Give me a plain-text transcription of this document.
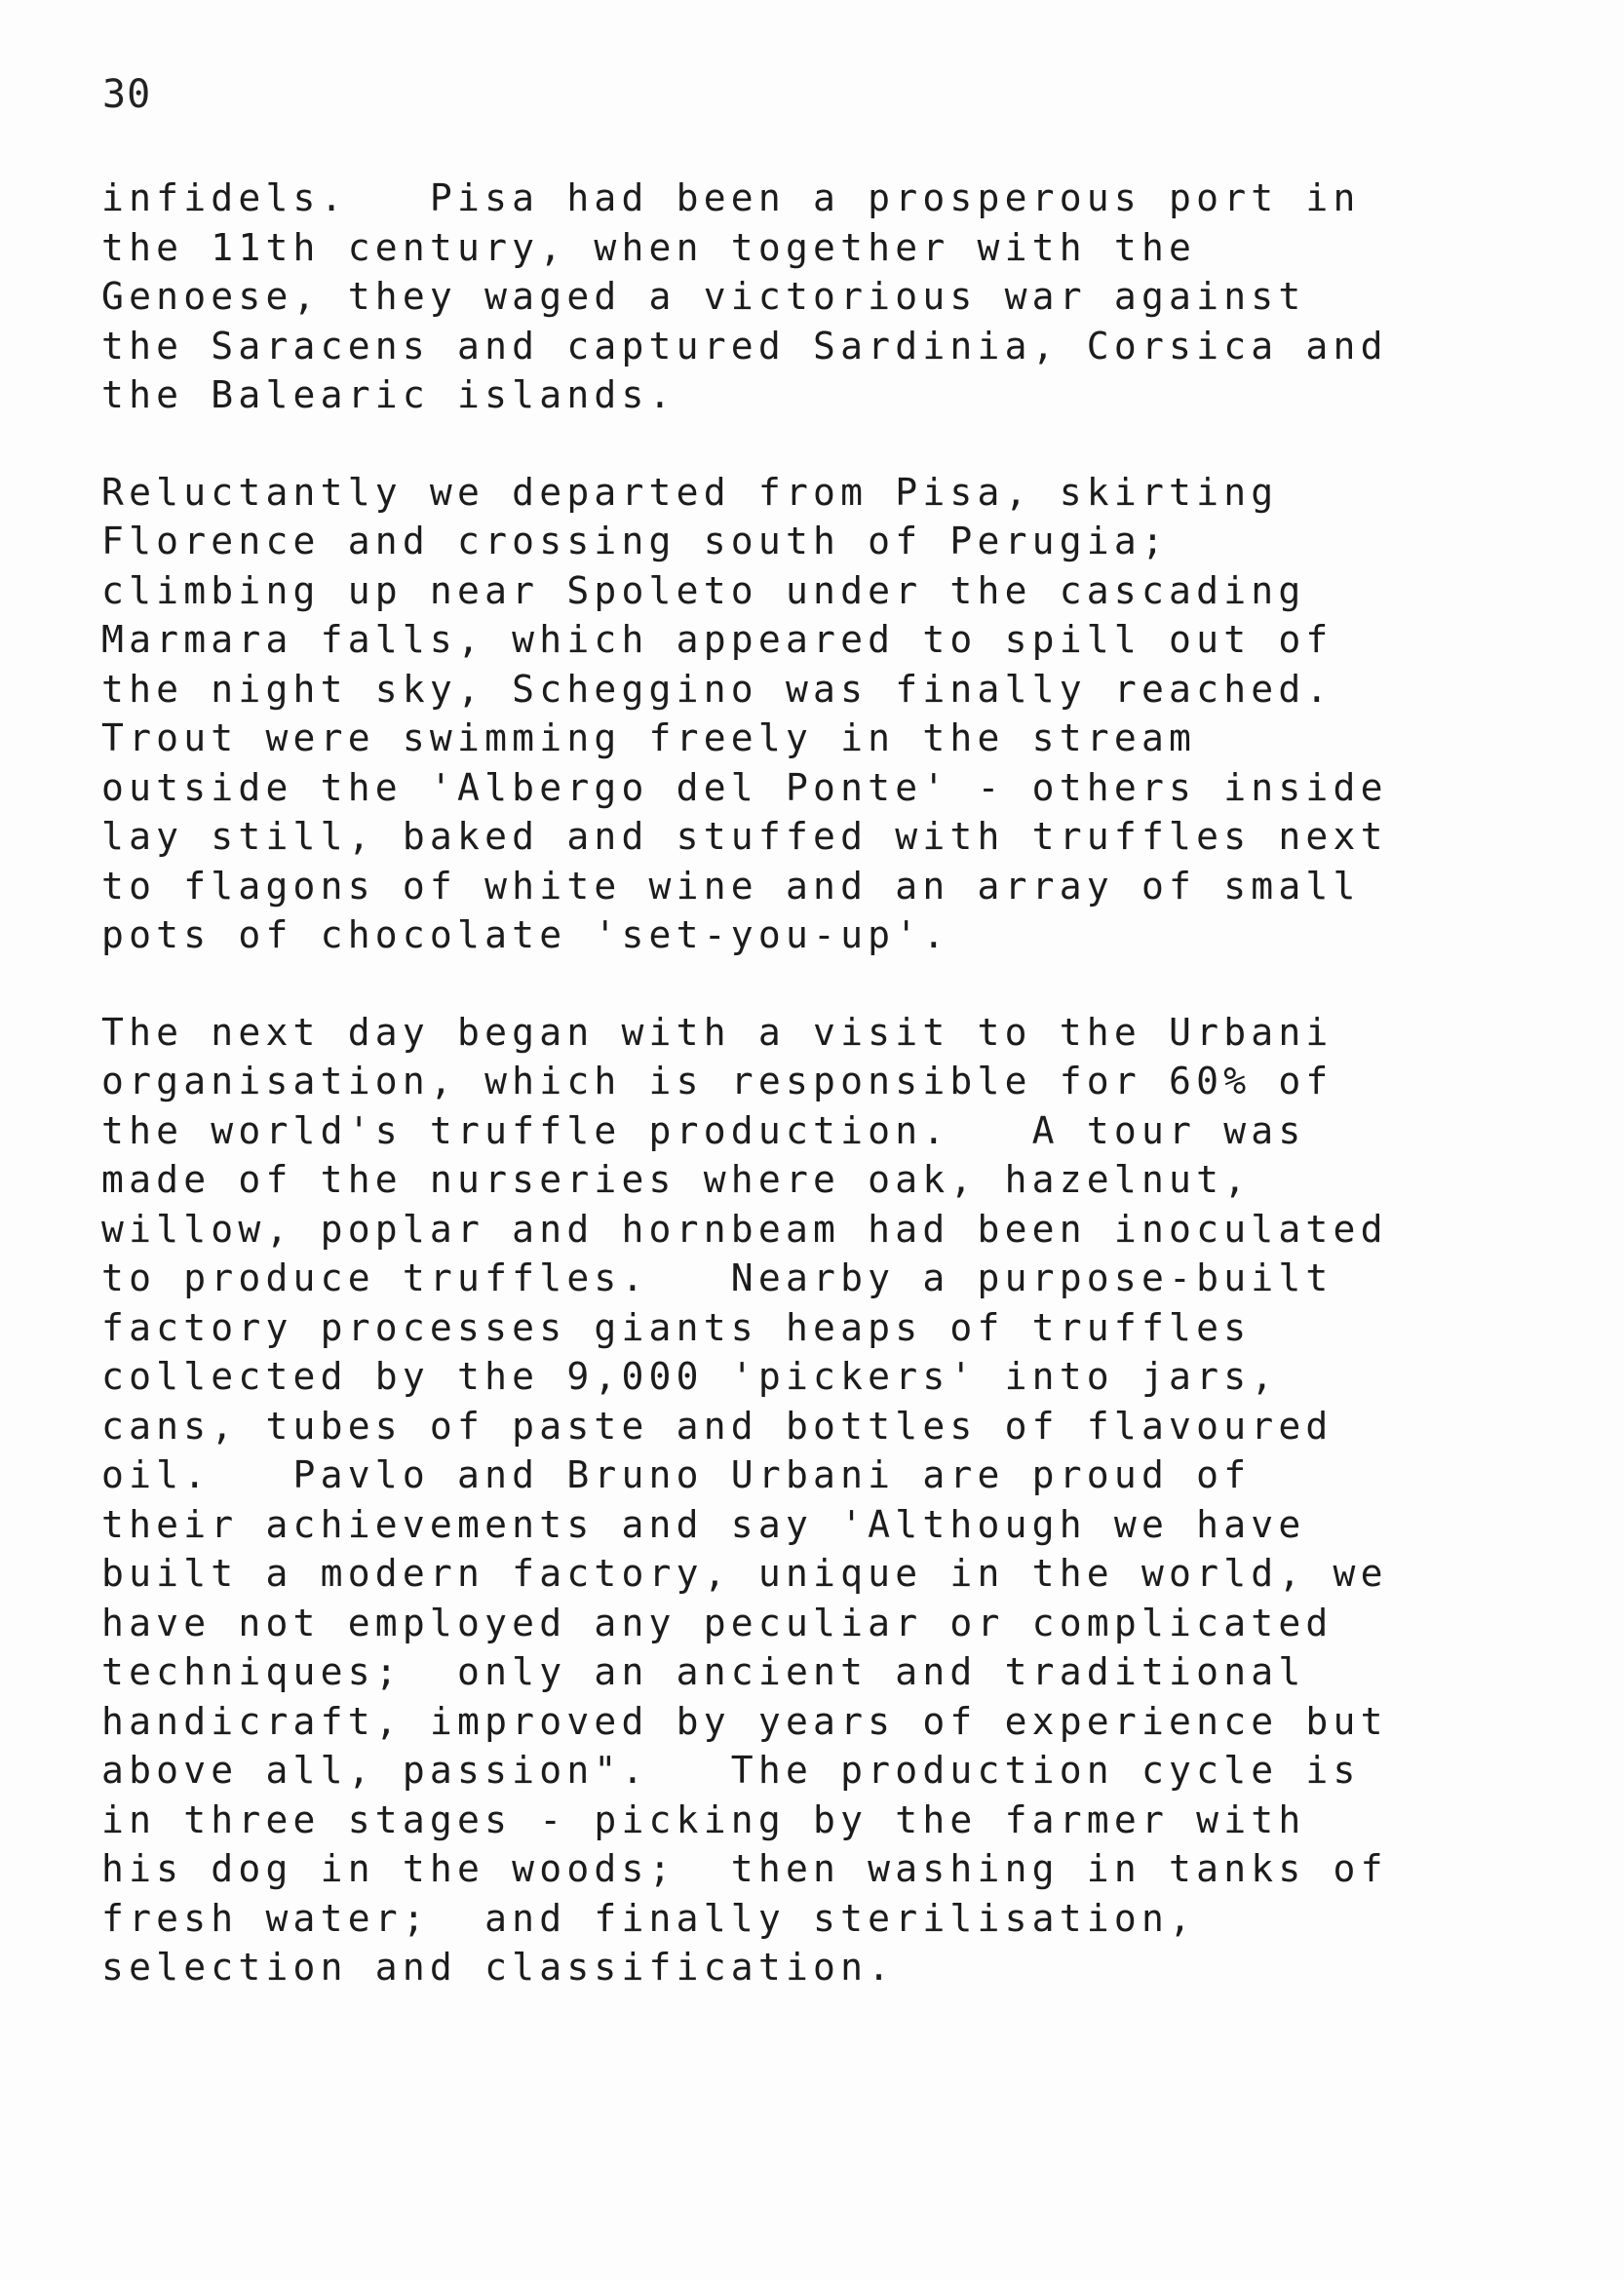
30
infidels.   Pisa had been a prosperous port in
the 11th century, when together with the
Genoese, they waged a victorious war against
the Saracens and captured Sardinia, Corsica and
the Balearic islands.
Reluctantly we departed from Pisa, skirting
Florence and crossing south of Perugia;
climbing up near Spoleto under the cascading
Marmara falls, which appeared to spill out of
the night sky, Scheggino was finally reached.
Trout were swimming freely in the stream
outside the 'Albergo del Ponte' - others inside
lay still, baked and stuffed with truffles next
to flagons of white wine and an array of small
pots of chocolate 'set-you-up'.
The next day began with a visit to the Urbani
organisation, which is responsible for 60% of
the world's truffle production.   A tour was
made of the nurseries where oak, hazelnut,
willow, poplar and hornbeam had been inoculated
to produce truffles.   Nearby a purpose-built
factory processes giants heaps of truffles
collected by the 9,000 'pickers' into jars,
cans, tubes of paste and bottles of flavoured
oil.   Pavlo and Bruno Urbani are proud of
their achievements and say 'Although we have
built a modern factory, unique in the world, we
have not employed any peculiar or complicated
techniques;  only an ancient and traditional
handicraft, improved by years of experience but
above all, passion".   The production cycle is
in three stages - picking by the farmer with
his dog in the woods;  then washing in tanks of
fresh water;  and finally sterilisation,
selection and classification.
